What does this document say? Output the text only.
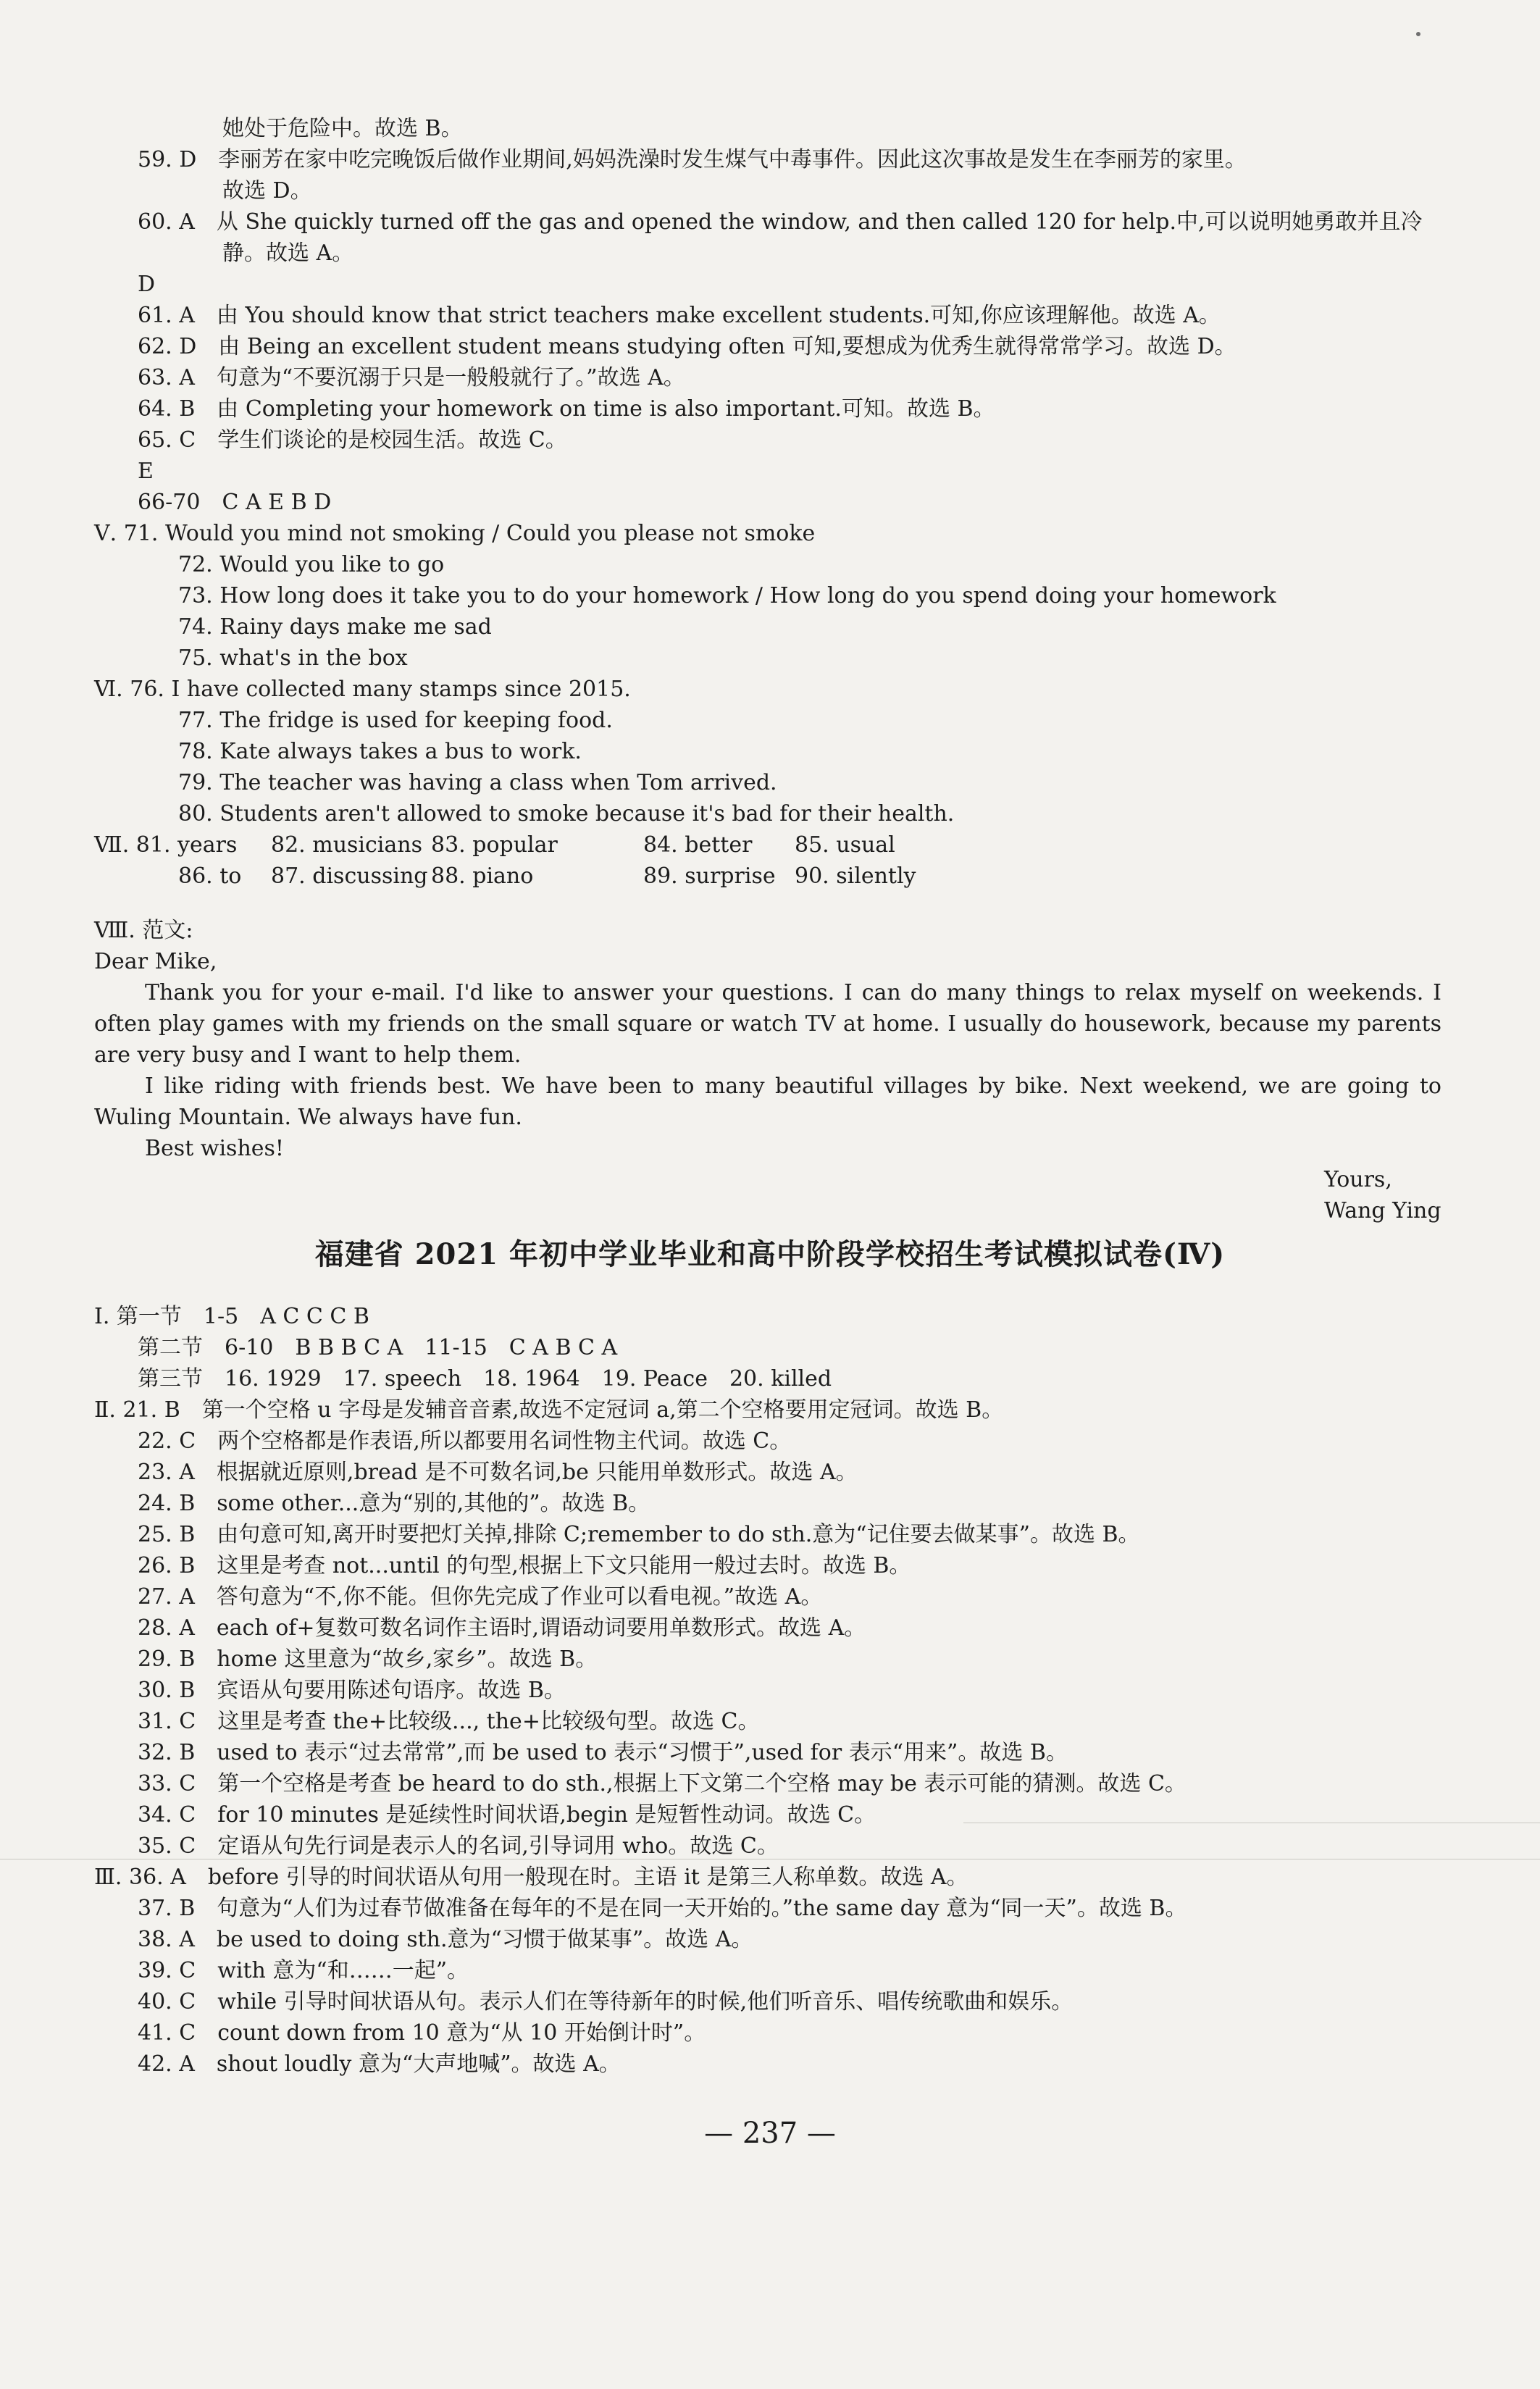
她处于危险中。故选 B。
59. D　李丽芳在家中吃完晚饭后做作业期间,妈妈洗澡时发生煤气中毒事件。因此这次事故是发生在李丽芳的家里。
故选 D。
60. A　从 She quickly turned off the gas and opened the window, and then called 120 for help.中,可以说明她勇敢并且冷
静。故选 A。
D
61. A　由 You should know that strict teachers make excellent students.可知,你应该理解他。故选 A。
62. D　由 Being an excellent student means studying often 可知,要想成为优秀生就得常常学习。故选 D。
63. A　句意为“不要沉溺于只是一般般就行了。”故选 A。
64. B　由 Completing your homework on time is also important.可知。故选 B。
65. C　学生们谈论的是校园生活。故选 C。
E
66-70　C A E B D
Ⅴ. 71. Would you mind not smoking / Could you please not smoke
72. Would you like to go
73. How long does it take you to do your homework / How long do you spend doing your homework
74. Rainy days make me sad
75. what's in the box
Ⅵ. 76. I have collected many stamps since 2015.
77. The fridge is used for keeping food.
78. Kate always takes a bus to work.
79. The teacher was having a class when Tom arrived.
80. Students aren't allowed to smoke because it's bad for their health.
Ⅶ. 81. years 82. musicians 83. popular	84. better 85. usual
86. to 87. discussing 88. piano	89. surprise 90. silently
Ⅰ. 第一节　1-5　A C C C B
第二节　6-10　B B B C A　11-15　C A B C A
第三节　16. 1929　17. speech　18. 1964　19. Peace　20. killed
Ⅱ. 21. B　第一个空格 u 字母是发辅音音素,故选不定冠词 a,第二个空格要用定冠词。故选 B。
22. C　两个空格都是作表语,所以都要用名词性物主代词。故选 C。
23. A　根据就近原则,bread 是不可数名词,be 只能用单数形式。故选 A。
24. B　some other...意为“别的,其他的”。故选 B。
25. B　由句意可知,离开时要把灯关掉,排除 C;remember to do sth.意为“记住要去做某事”。故选 B。
26. B　这里是考查 not...until 的句型,根据上下文只能用一般过去时。故选 B。
27. A　答句意为“不,你不能。但你先完成了作业可以看电视。”故选 A。
28. A　each of+复数可数名词作主语时,谓语动词要用单数形式。故选 A。
29. B　home 这里意为“故乡,家乡”。故选 B。
30. B　宾语从句要用陈述句语序。故选 B。
31. C　这里是考查 the+比较级..., the+比较级句型。故选 C。
32. B　used to 表示“过去常常”,而 be used to 表示“习惯于”,used for 表示“用来”。故选 B。
33. C　第一个空格是考查 be heard to do sth.,根据上下文第二个空格 may be 表示可能的猜测。故选 C。
34. C　for 10 minutes 是延续性时间状语,begin 是短暂性动词。故选 C。
35. C　定语从句先行词是表示人的名词,引导词用 who。故选 C。
Ⅲ. 36. A　before 引导的时间状语从句用一般现在时。主语 it 是第三人称单数。故选 A。
37. B　句意为“人们为过春节做准备在每年的不是在同一天开始的。”the same day 意为“同一天”。故选 B。
38. A　be used to doing sth.意为“习惯于做某事”。故选 A。
39. C　with 意为“和……一起”。
40. C　while 引导时间状语从句。表示人们在等待新年的时候,他们听音乐、唱传统歌曲和娱乐。
41. C　count down from 10 意为“从 10 开始倒计时”。
42. A　shout loudly 意为“大声地喊”。故选 A。
福建省 2021 年初中学业毕业和高中阶段学校招生考试模拟试卷(Ⅳ)
— 237 —
Ⅷ. 范文:
Dear Mike,
Thank you for your e-mail. I'd like to answer your questions. I can do many things to relax myself on weekends. I often play games with my friends on the small square or watch TV at home. I usually do housework, because my parents are very busy and I want to help them.
I like riding with friends best. We have been to many beautiful villages by bike. Next weekend, we are going to Wuling Mountain. We always have fun.
Best wishes!
Yours,
Wang Ying
